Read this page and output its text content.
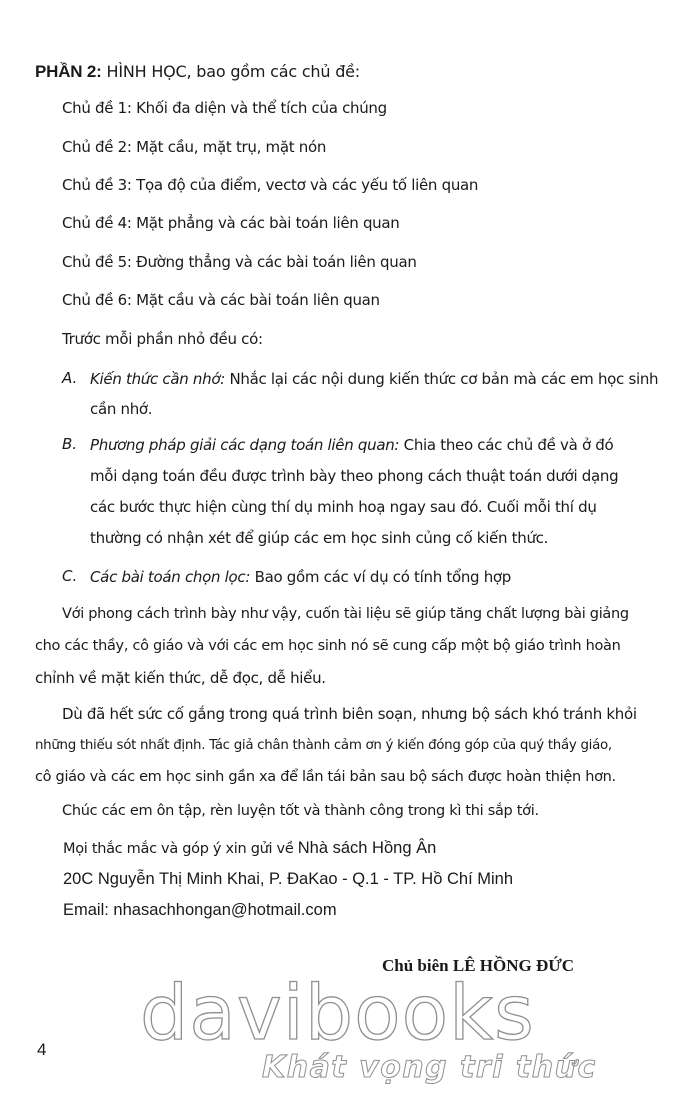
PHẦN 2: HÌNH HỌC, bao gồm các chủ đề:
Chủ đề 1: Khối đa diện và thể tích của chúng
Chủ đề 2: Mặt cầu, mặt trụ, mặt nón
Chủ đề 3: Tọa độ của điểm, vectơ và các yếu tố liên quan
Chủ đề 4: Mặt phẳng và các bài toán liên quan
Chủ đề 5: Đường thẳng và các bài toán liên quan
Chủ đề 6: Mặt cầu và các bài toán liên quan
Trước mỗi phần nhỏ đều có:
A. Kiến thức cần nhớ: Nhắc lại các nội dung kiến thức cơ bản mà các em học sinh
cần nhớ.
B. Phương pháp giải các dạng toán liên quan: Chia theo các chủ đề và ở đó
mỗi dạng toán đều được trình bày theo phong cách thuật toán dưới dạng
các bước thực hiện cùng thí dụ minh hoạ ngay sau đó. Cuối mỗi thí dụ
thường có nhận xét để giúp các em học sinh củng cố kiến thức.
C. Các bài toán chọn lọc: Bao gồm các ví dụ có tính tổng hợp
Với phong cách trình bày như vậy, cuốn tài liệu sẽ giúp tăng chất lượng bài giảng
cho các thầy, cô giáo và với các em học sinh nó sẽ cung cấp một bộ giáo trình hoàn
chỉnh về mặt kiến thức, dễ đọc, dễ hiểu.
Dù đã hết sức cố gắng trong quá trình biên soạn, nhưng bộ sách khó tránh khỏi
những thiếu sót nhất định. Tác giả chân thành cảm ơn ý kiến đóng góp của quý thầy giáo,
cô giáo và các em học sinh gần xa để lần tái bản sau bộ sách được hoàn thiện hơn.
Chúc các em ôn tập, rèn luyện tốt và thành công trong kì thi sắp tới.
Mọi thắc mắc và góp ý xin gửi về Nhà sách Hồng Ân
20C Nguyễn Thị Minh Khai, P. ĐaKao - Q.1 - TP. Hồ Chí Minh
Email: nhasachhongan@hotmail.com
Chủ biên LÊ HỒNG ĐỨC
davibooks
Khát vọng tri thức
4
